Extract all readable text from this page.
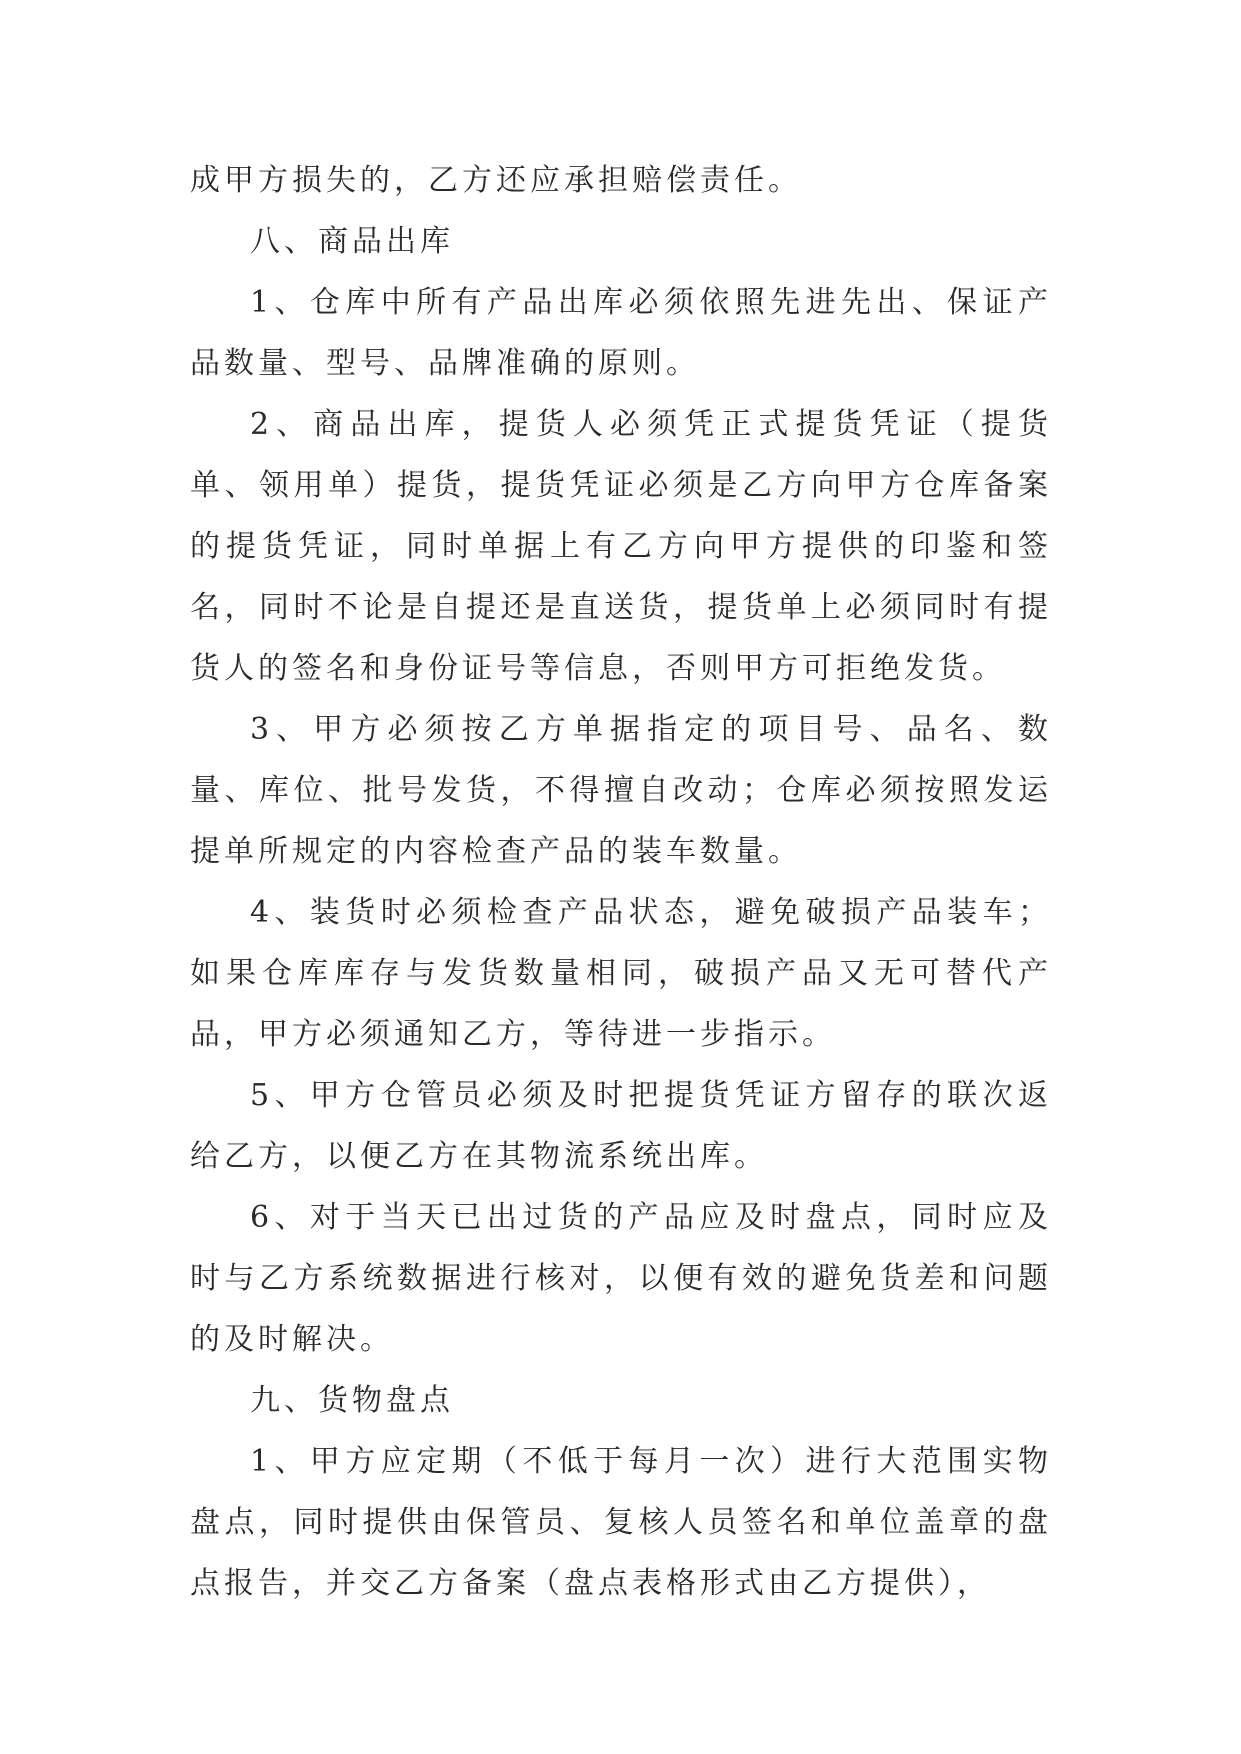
成甲方损失的，乙方还应承担赔偿责任。

八、商品出库

1、仓库中所有产品出库必须依照先进先出、保证产品数量、型号、品牌准确的原则。

2、商品出库，提货人必须凭正式提货凭证（提货单、领用单）提货，提货凭证必须是乙方向甲方仓库备案的提货凭证，同时单据上有乙方向甲方提供的印鉴和签名，同时不论是自提还是直送货，提货单上必须同时有提货人的签名和身份证号等信息，否则甲方可拒绝发货。

3、甲方必须按乙方单据指定的项目号、品名、数量、库位、批号发货，不得擅自改动；仓库必须按照发运提单所规定的内容检查产品的装车数量。

4、装货时必须检查产品状态，避免破损产品装车；如果仓库库存与发货数量相同，破损产品又无可替代产品，甲方必须通知乙方，等待进一步指示。

5、甲方仓管员必须及时把提货凭证方留存的联次返给乙方，以便乙方在其物流系统出库。

6、对于当天已出过货的产品应及时盘点，同时应及时与乙方系统数据进行核对，以便有效的避免货差和问题的及时解决。

九、货物盘点

1、甲方应定期（不低于每月一次）进行大范围实物盘点，同时提供由保管员、复核人员签名和单位盖章的盘点报告，并交乙方备案（盘点表格形式由乙方提供），
